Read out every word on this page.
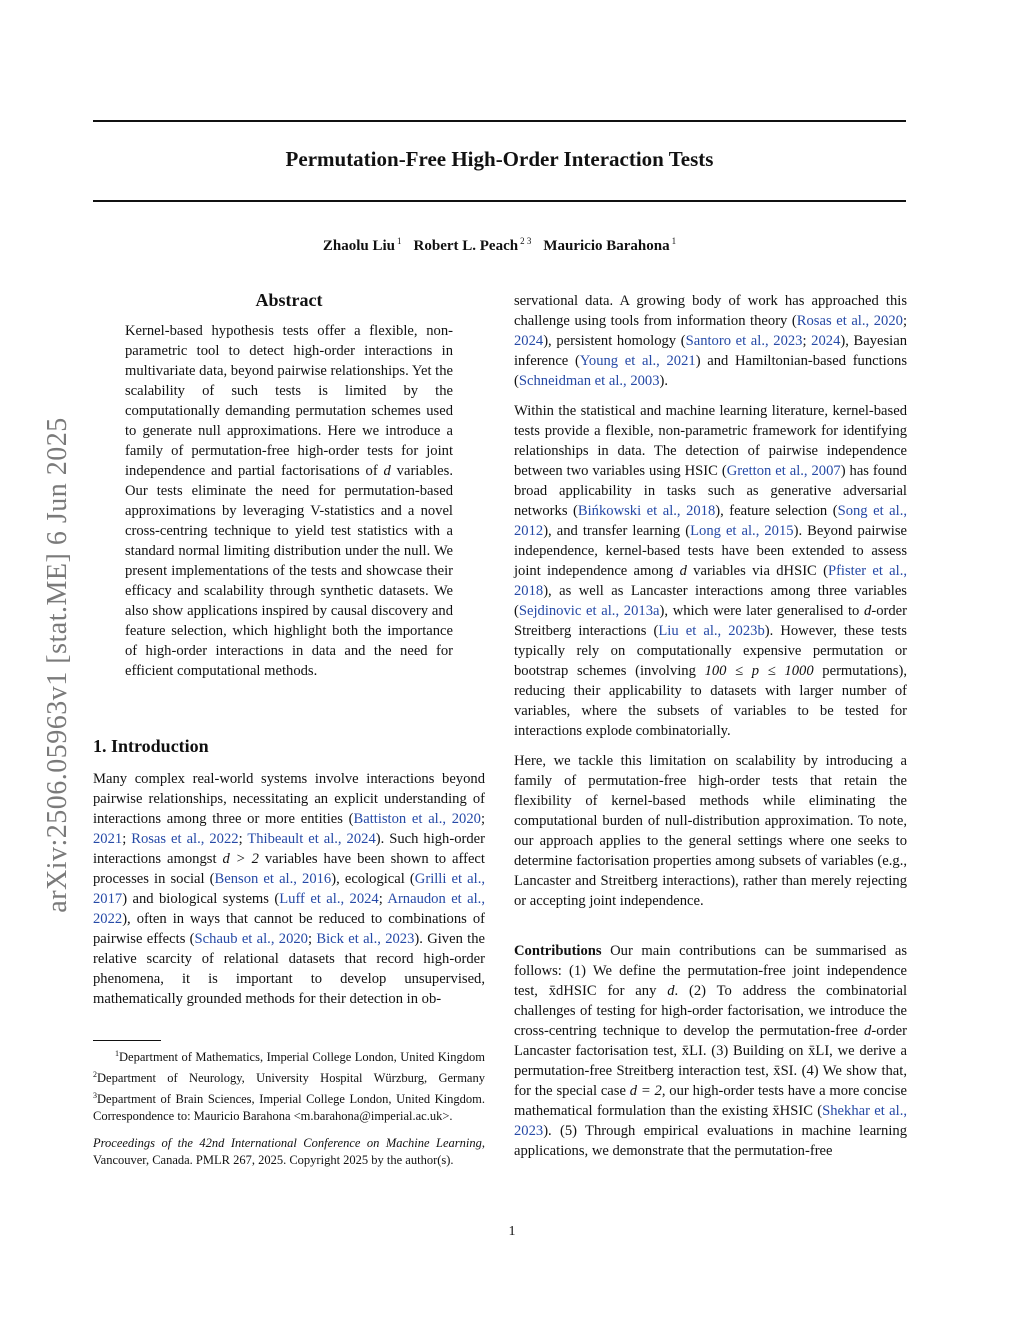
Permutation-Free High-Order Interaction Tests
Zhaolu Liu $^1$ Robert L. Peach $^{2 3}$ Mauricio Barahona $^1$
arXiv:2506.05963v1 [stat.ME] 6 Jun 2025
Abstract

Kernel-based hypothesis tests offer a flexible, non-parametric tool to detect high-order interactions in multivariate data, beyond pairwise relationships. Yet the scalability of such tests is limited by the computationally demanding permutation schemes used to generate null approximations. Here we introduce a family of permutation-free high-order tests for joint independence and partial factorisations of d variables. Our tests eliminate the need for permutation-based approximations by leveraging V-statistics and a novel cross-centring technique to yield test statistics with a standard normal limiting distribution under the null. We present implementations of the tests and showcase their efficacy and scalability through synthetic datasets. We also show applications inspired by causal discovery and feature selection, which highlight both the importance of high-order interactions in data and the need for efficient computational methods.

1. Introduction

Many complex real-world systems involve interactions beyond pairwise relationships, necessitating an explicit understanding of interactions among three or more entities (Battiston et al., 2020; 2021; Rosas et al., 2022; Thibeault et al., 2024). Such high-order interactions amongst d > 2 variables have been shown to affect processes in social (Benson et al., 2016), ecological (Grilli et al., 2017) and biological systems (Luff et al., 2024; Arnaudon et al., 2022), often in ways that cannot be reduced to combinations of pairwise effects (Schaub et al., 2020; Bick et al., 2023). Given the relative scarcity of relational datasets that record high-order phenomena, it is important to develop unsupervised, mathematically grounded methods for their detection in ob-

$^1$Department of Mathematics, Imperial College London, United Kingdom $^2$Department of Neurology, University Hospital Würzburg, Germany $^3$Department of Brain Sciences, Imperial College London, United Kingdom. Correspondence to: Mauricio Barahona <m.barahona@imperial.ac.uk>.

Proceedings of the 42nd International Conference on Machine Learning, Vancouver, Canada. PMLR 267, 2025. Copyright 2025 by the author(s).

servational data. A growing body of work has approached this challenge using tools from information theory (Rosas et al., 2020; 2024), persistent homology (Santoro et al., 2023; 2024), Bayesian inference (Young et al., 2021) and Hamiltonian-based functions (Schneidman et al., 2003).

Within the statistical and machine learning literature, kernel-based tests provide a flexible, non-parametric framework for identifying relationships in data. The detection of pairwise independence between two variables using HSIC (Gretton et al., 2007) has found broad applicability in tasks such as generative adversarial networks (Bińkowski et al., 2018), feature selection (Song et al., 2012), and transfer learning (Long et al., 2015). Beyond pairwise independence, kernel-based tests have been extended to assess joint independence among d variables via dHSIC (Pfister et al., 2018), as well as Lancaster interactions among three variables (Sejdinovic et al., 2013a), which were later generalised to d-order Streitberg interactions (Liu et al., 2023b). However, these tests typically rely on computationally expensive permutation or bootstrap schemes (involving 100 ≤ p ≤ 1000 permutations), reducing their applicability to datasets with larger number of variables, where the subsets of variables to be tested for interactions explode combinatorially.

Here, we tackle this limitation on scalability by introducing a family of permutation-free high-order tests that retain the flexibility of kernel-based methods while eliminating the computational burden of null-distribution approximation. To note, our approach applies to the general settings where one seeks to determine factorisation properties among subsets of variables (e.g., Lancaster and Streitberg interactions), rather than merely rejecting or accepting joint independence.

Contributions Our main contributions can be summarised as follows: (1) We define the permutation-free joint independence test, x̄dHSIC for any d. (2) To address the combinatorial challenges of testing for high-order factorisation, we introduce the cross-centring technique to develop the permutation-free d-order Lancaster factorisation test, x̄LI. (3) Building on x̄LI, we derive a permutation-free Streitberg interaction test, x̄SI. (4) We show that, for the special case d = 2, our high-order tests have a more concise mathematical formulation than the existing x̄HSIC (Shekhar et al., 2023). (5) Through empirical evaluations in machine learning applications, we demonstrate that the permutation-free

1
